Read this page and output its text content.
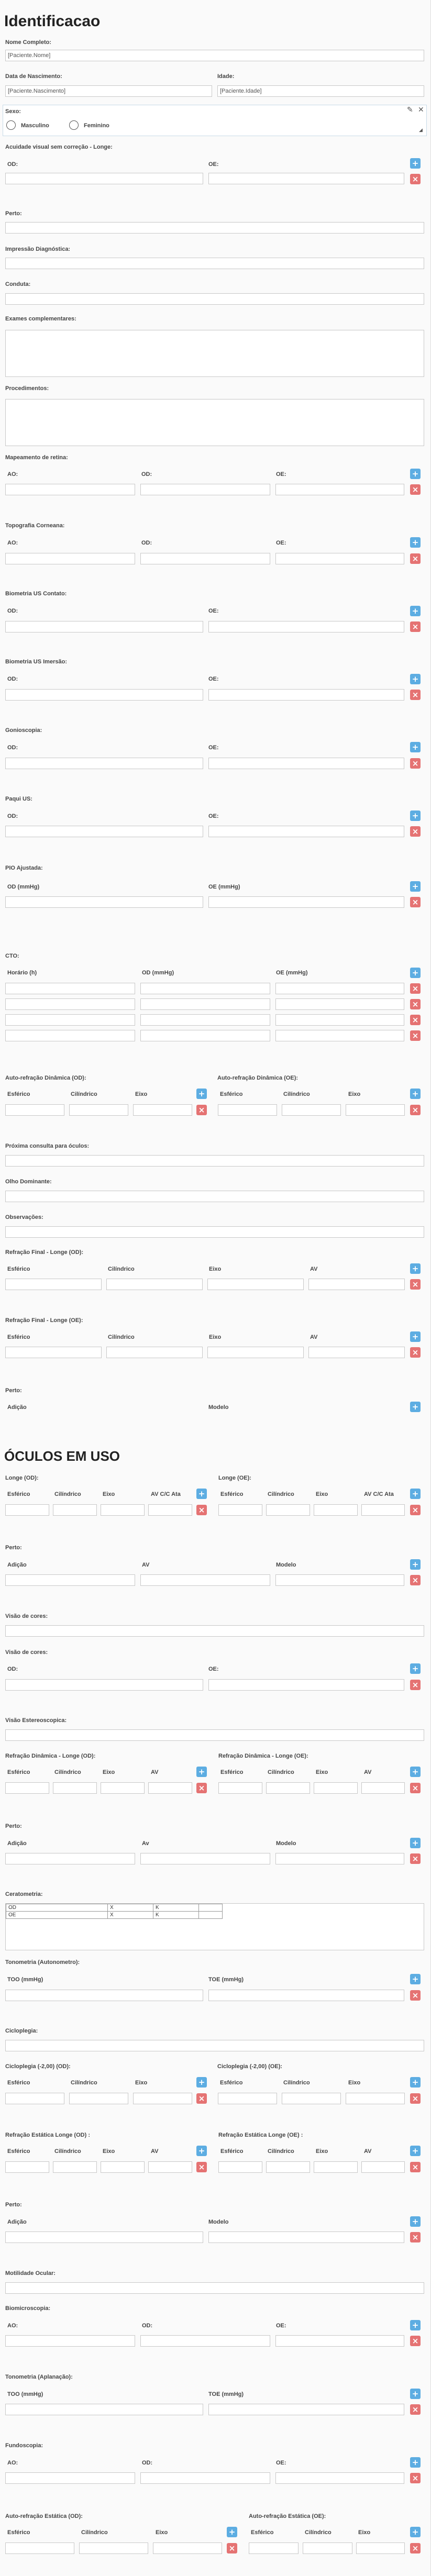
Identificacao
Nome Completo:
[Paciente.Nome]
Data de Nascimento:
[Paciente.Nascimento]
Idade:
[Paciente.Idade]
Sexo:	✎ ✕
Masculino	Feminino
◢
Acuidade visual sem correção - Longe:
OD:	OE:	+
×
Perto:
Impressão Diagnóstica:
Conduta:
Exames complementares:
Procedimentos:
Mapeamento de retina:
AO:	OD:	OE:	+
×
Topografia Corneana:
AO:	OD:	OE:	+
×
Biometria US Contato:
OD:	OE:	+
×
Biometria US Imersão:
OD:	OE:	+
×
Gonioscopia:
OD:	OE:	+
×
Paqui US:
OD:	OE:	+
×
PIO Ajustada:
OD (mmHg)	OE (mmHg)	+
×
CTO:
Horário (h)	OD (mmHg)	OE (mmHg)	+
×
×
×
×
Auto-refração Dinâmica (OD):	Auto-refração Dinâmica (OE):
Esférico	Cilíndrico	Eixo	+	Esférico	Cilíndrico	Eixo	+
×	×
Próxima consulta para óculos:
Olho Dominante:
Observações:
Refração Final - Longe (OD):
Esférico	Cilíndrico	Eixo	AV	+
×
Refração Final - Longe (OE):
Esférico	Cilíndrico	Eixo	AV	+
×
Perto:
Adição	Modelo	+
ÓCULOS EM USO
Longe (OD):	Longe (OE):
Esférico	Cilíndrico	Eixo	AV C/C Ata +	Esférico	Cilíndrico	Eixo	AV C/C Ata +
×	×
Perto:
Adição	AV	Modelo	+
×
Visão de cores:
Visão de cores:
OD:	OE:	+
×
Visão Estereoscopica:
Refração Dinâmica - Longe (OD):	Refração Dinâmica - Longe (OE):
Esférico	Cilíndrico	Eixo	AV	+	Esférico	Cilíndrico	Eixo	AV	+
×	×
Perto:
Adição	Av	Modelo	+
×
Ceratometria:
OD	X	K	
OE	X	K	
Tonometria (Autonometro):
TOO (mmHg)	TOE (mmHg)	+
×
Cicloplegia:
Cicloplegia (-2,00) (OD):	Cicloplegia (-2,00) (OE):
Esférico	Cilíndrico	Eixo	+	Esférico	Cilíndrico	Eixo	+
×	×
Refração Estática Longe (OD) :	Refração Estática Longe (OE) :
Esférico	Cilíndrico	Eixo	AV	+	Esférico	Cilíndrico	Eixo	AV	+
×	×
Perto:
Adição	Modelo	+
×
Motilidade Ocular:
Biomicroscopia:
AO:	OD:	OE:	+
×
Tonometria (Aplanação):
TOO (mmHg)	TOE (mmHg)	+
×
Fundoscopia:
AO:	OD:	OE:	+
×
Auto-refração Estática (OD):	Auto-refração Estática (OE):
Esférico	Cilíndrico	Eixo	+	Esférico	Cilíndrico	Eixo	+
×	×
